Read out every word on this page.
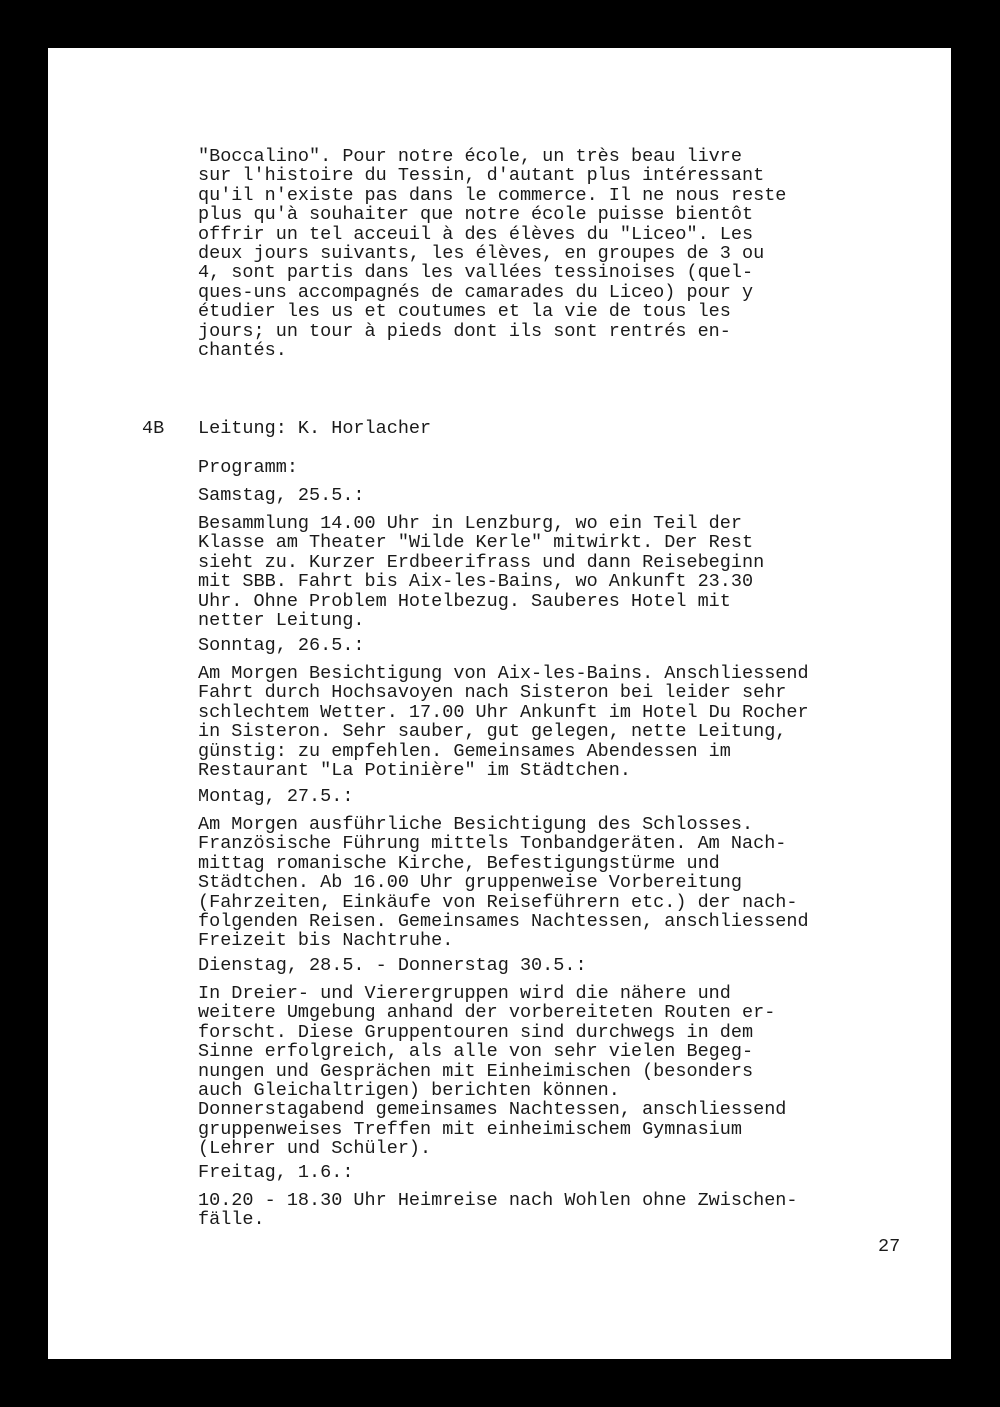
"Boccalino". Pour notre école, un très beau livre
sur l'histoire du Tessin, d'autant plus intéressant
qu'il n'existe pas dans le commerce. Il ne nous reste
plus qu'à souhaiter que notre école puisse bientôt
offrir un tel acceuil à des élèves du "Liceo". Les
deux jours suivants, les élèves, en groupes de 3 ou
4, sont partis dans les vallées tessinoises (quel-
ques-uns accompagnés de camarades du Liceo) pour y
étudier les us et coutumes et la vie de tous les
jours; un tour à pieds dont ils sont rentrés en-
chantés.

4B Leitung: K. Horlacher
Programm:
Samstag, 25.5.:

Besammlung 14.00 Uhr in Lenzburg, wo ein Teil der
Klasse am Theater "Wilde Kerle" mitwirkt. Der Rest
sieht zu. Kurzer Erdbeerifrass und dann Reisebeginn
mit SBB. Fahrt bis Aix-les-Bains, wo Ankunft 23.30
Uhr. Ohne Problem Hotelbezug. Sauberes Hotel mit
netter Leitung.

Sonntag, 26.5.:

Am Morgen Besichtigung von Aix-les-Bains. Anschliessend
Fahrt durch Hochsavoyen nach Sisteron bei leider sehr
schlechtem Wetter. 17.00 Uhr Ankunft im Hotel Du Rocher
in Sisteron. Sehr sauber, gut gelegen, nette Leitung,
günstig: zu empfehlen. Gemeinsames Abendessen im
Restaurant "La Potinière" im Städtchen.

Montag, 27.5.:

Am Morgen ausführliche Besichtigung des Schlosses.
Französische Führung mittels Tonbandgeräten. Am Nach-
mittag romanische Kirche, Befestigungstürme und
Städtchen. Ab 16.00 Uhr gruppenweise Vorbereitung
(Fahrzeiten, Einkäufe von Reiseführern etc.) der nach-
folgenden Reisen. Gemeinsames Nachtessen, anschliessend
Freizeit bis Nachtruhe.

Dienstag, 28.5. - Donnerstag 30.5.:

In Dreier- und Vierergruppen wird die nähere und
weitere Umgebung anhand der vorbereiteten Routen er-
forscht. Diese Gruppentouren sind durchwegs in dem
Sinne erfolgreich, als alle von sehr vielen Begeg-
nungen und Gesprächen mit Einheimischen (besonders
auch Gleichaltrigen) berichten können.
Donnerstagabend gemeinsames Nachtessen, anschliessend
gruppenweises Treffen mit einheimischem Gymnasium
(Lehrer und Schüler).

Freitag, 1.6.:

10.20 - 18.30 Uhr Heimreise nach Wohlen ohne Zwischen-
fälle.

27
